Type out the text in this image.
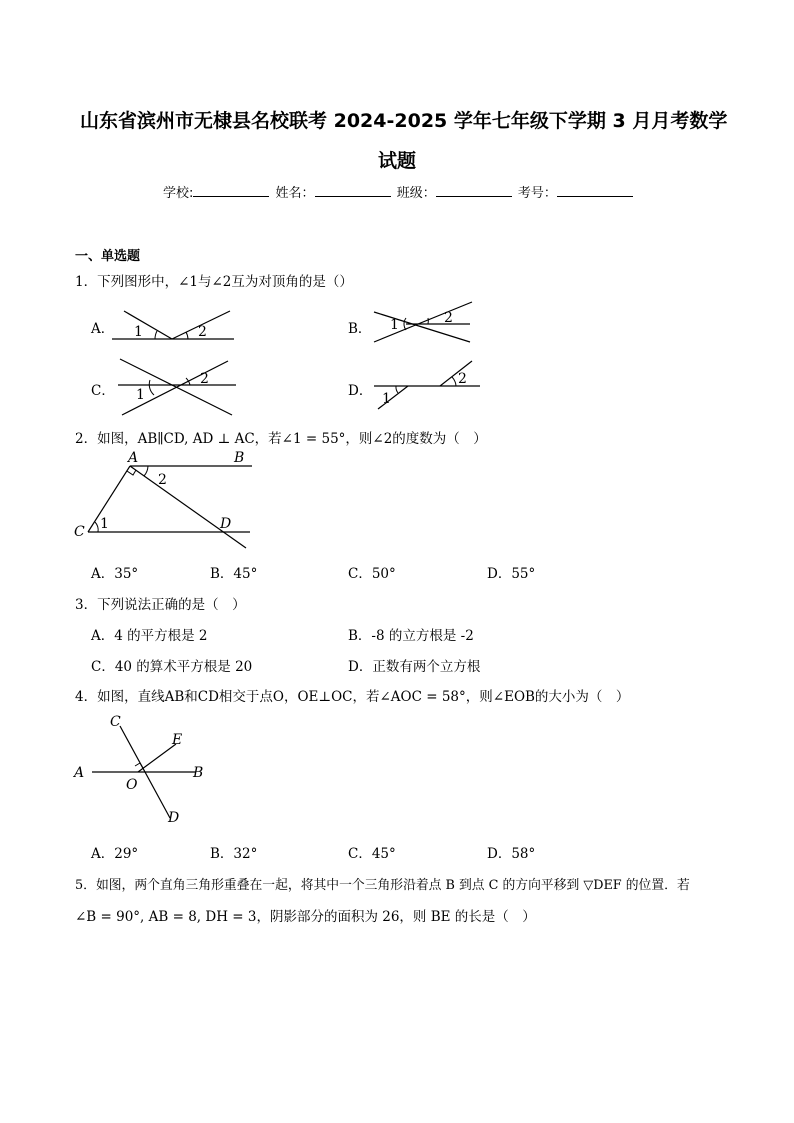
山东省滨州市无棣县名校联考 2024-2025 学年七年级下学期 3 月月考数学
试题
学校:	姓名：	班级：	考号：
一、单选题
1．下列图形中，∠1与∠2互为对顶角的是（）
A．	B．
C．	D．
1	2	1	2
1
2
1
2
2．如图，AB∥CD, AD ⊥ AC，若∠1 = 55°，则∠2的度数为（　）
A	B
C	D
1
2
A．35°	B．45°	C．50°	D．55°
3．下列说法正确的是（　）
A．4 的平方根是 2	B．-8 的立方根是 -2
C．40 的算术平方根是 20	D．正数有两个立方根
4．如图，直线AB和CD相交于点O，OE⊥OC，若∠AOC = 58°，则∠EOB的大小为（　）
C
E
A	B
O
D
A．29°	B．32°	C．45°	D．58°
5．如图，两个直角三角形重叠在一起，将其中一个三角形沿着点 B 到点 C 的方向平移到 ▽DEF 的位置．若
∠B = 90°, AB = 8, DH = 3，阴影部分的面积为 26，则 BE 的长是（　）
